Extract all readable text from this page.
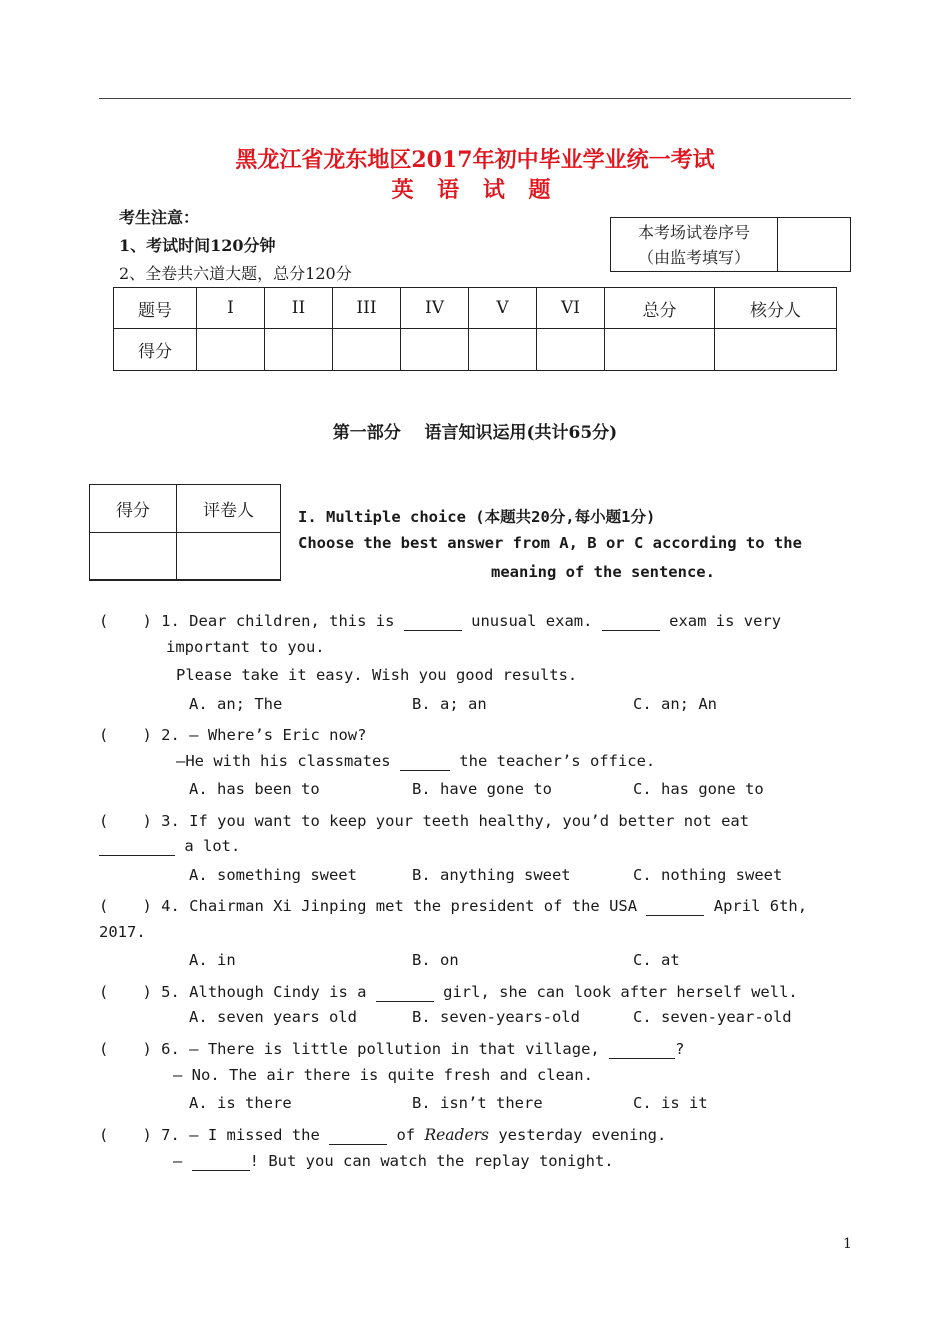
黑龙江省龙东地区2017年初中毕业学业统一考试
英 语 试 题
考生注意：
1、考试时间120分钟
2、全卷共六道大题，总分120分
本考场试卷序号
（由监考填写）

题号	I	II	III	IV	V	VI	总分	核分人
得分								
第一部分    语言知识运用(共计65分)
得分	评卷人
		I. Multiple choice (本题共20分,每小题1分)
Choose the best answer from A, B or C according to the
meaning of the sentence.
( 　 ) 1. Dear children, this is	unusual exam.	exam is very
important to you.
Please take it easy. Wish you good results.
A. an; The	B. a; an	C. an; An
( 　 ) 2. — Where’s Eric now?
—He with his classmates	the teacher’s office.
A. has been to	B. have gone to	C. has gone to
( 　 ) 3. If you want to keep your teeth healthy, you’d better not eat
a lot.
A. something sweet	B. anything sweet	C. nothing sweet
( 　 ) 4. Chairman Xi Jinping met the president of the USA	April 6th,
2017.
A. in	B. on	C. at
( 　 ) 5. Although Cindy is a	girl, she can look after herself well.
A. seven years old	B. seven-years-old	C. seven-year-old
( 　 ) 6. — There is little pollution in that village,	?
— No. The air there is quite fresh and clean.
A. is there	B. isn’t there	C. is it
( 　 ) 7. — I missed the	of Readers yesterday evening.
—	! But you can watch the replay tonight.
1
